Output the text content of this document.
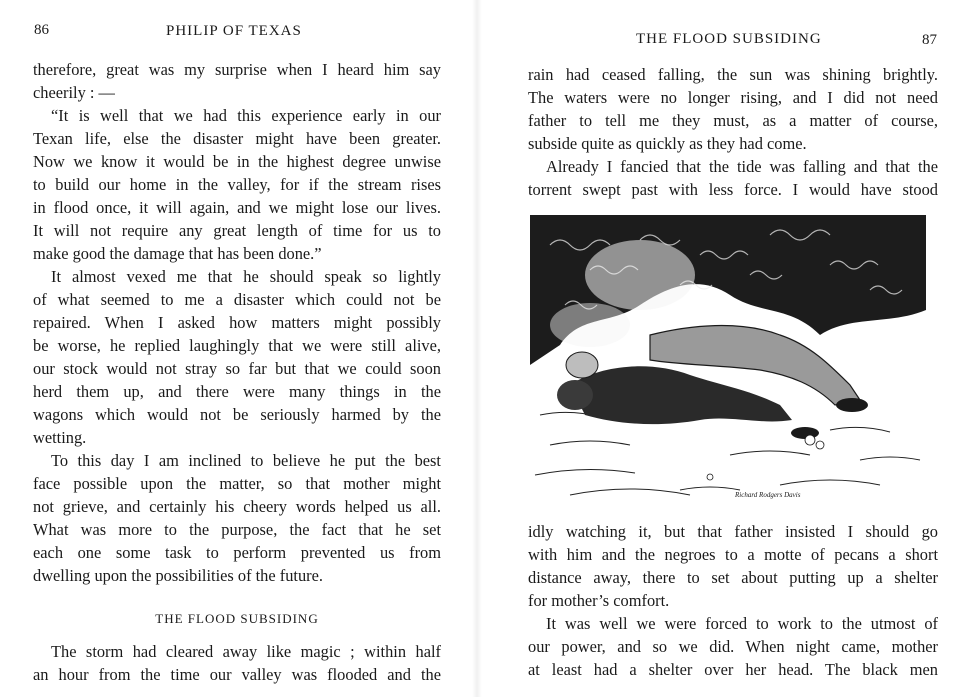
86	PHILIP OF TEXAS
therefore, great was my surprise when I heard him say
cheerily : —
“It is well that we had this experience early in our
Texan life, else the disaster might have been greater.
Now we know it would be in the highest degree unwise
to build our home in the valley, for if the stream rises
in flood once, it will again, and we might lose our lives.
It will not require any great length of time for us to
make good the damage that has been done.”
It almost vexed me that he should speak so lightly
of what seemed to me a disaster which could not be
repaired. When I asked how matters might possibly
be worse, he replied laughingly that we were still alive,
our stock would not stray so far but that we could soon
herd them up, and there were many things in the
wagons which would not be seriously harmed by the
wetting.
To this day I am inclined to believe he put the best
face possible upon the matter, so that mother might
not grieve, and certainly his cheery words helped us all.
What was more to the purpose, the fact that he set
each one some task to perform prevented us from
dwelling upon the possibilities of the future.
THE FLOOD SUBSIDING
The storm had cleared away like magic ; within half
an hour from the time our valley was flooded and the
THE FLOOD SUBSIDING	87
rain had ceased falling, the sun was shining brightly.
The waters were no longer rising, and I did not need
father to tell me they must, as a matter of course,
subside quite as quickly as they had come.
Already I fancied that the tide was falling and that the
torrent swept past with less force. I would have stood
Richard Rodgers Davis
idly watching it, but that father insisted I should go
with him and the negroes to a motte of pecans a short
distance away, there to set about putting up a shelter
for mother’s comfort.
It was well we were forced to work to the utmost of
our power, and so we did. When night came, mother
at least had a shelter over her head. The black men
